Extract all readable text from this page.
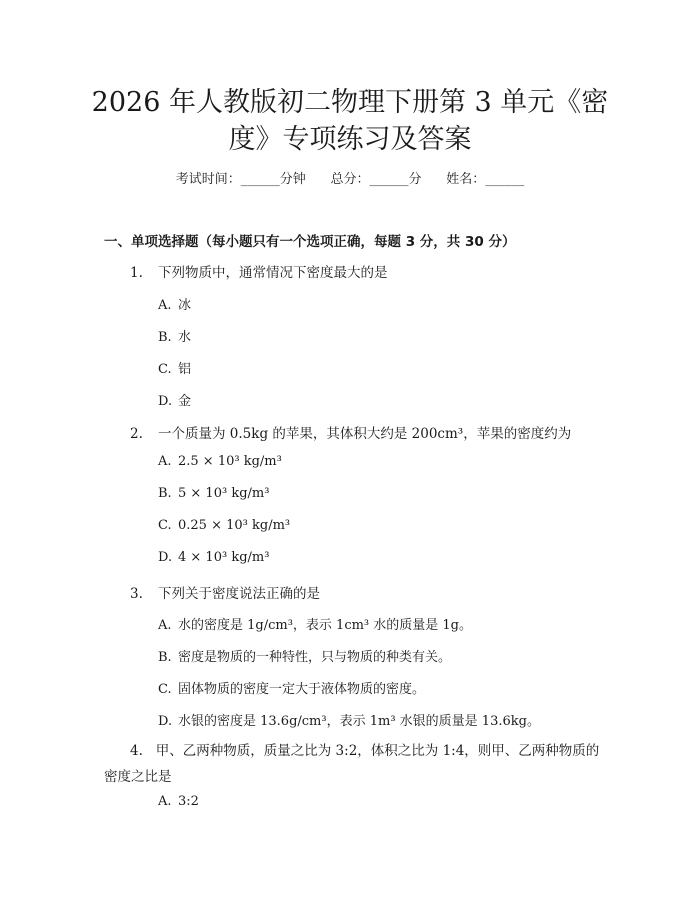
2026 年人教版初二物理下册第 3 单元《密
度》专项练习及答案
考试时间：______分钟      总分：______分      姓名：______
一、单项选择题（每小题只有一个选项正确，每题 3 分，共 30 分）
1. 下列物质中，通常情况下密度最大的是
A. 冰
B. 水
C. 铝
D. 金
2. 一个质量为 0.5kg 的苹果，其体积大约是 200cm³，苹果的密度约为
A. 2.5 × 10³ kg/m³
B. 5 × 10³ kg/m³
C. 0.25 × 10³ kg/m³
D. 4 × 10³ kg/m³
3. 下列关于密度说法正确的是
A. 水的密度是 1g/cm³，表示 1cm³ 水的质量是 1g。
B. 密度是物质的一种特性，只与物质的种类有关。
C. 固体物质的密度一定大于液体物质的密度。
D. 水银的密度是 13.6g/cm³，表示 1m³ 水银的质量是 13.6kg。
4. 甲、乙两种物质，质量之比为 3:2，体积之比为 1:4，则甲、乙两种物质的密度之比是
A. 3:2
